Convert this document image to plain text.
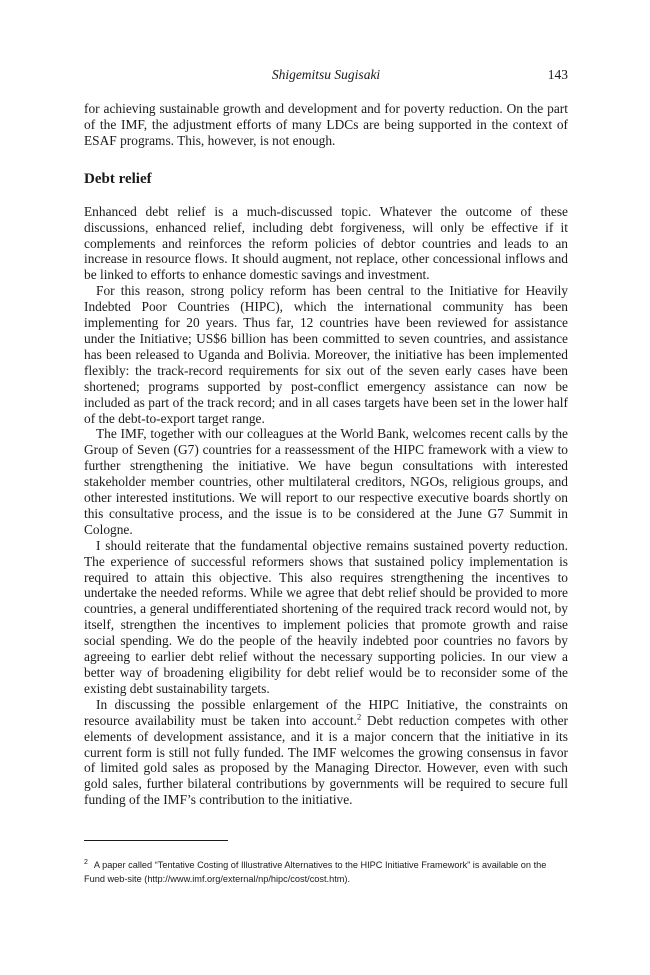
Shigemitsu Sugisaki	143

for achieving sustainable growth and development and for poverty reduction. On the part of the IMF, the adjustment efforts of many LDCs are being supported in the context of ESAF programs. This, however, is not enough.

Debt relief

Enhanced debt relief is a much-discussed topic. Whatever the outcome of these discussions, enhanced relief, including debt forgiveness, will only be effective if it complements and reinforces the reform policies of debtor countries and leads to an increase in resource flows. It should augment, not replace, other concessional inflows and be linked to efforts to enhance domestic savings and investment.

For this reason, strong policy reform has been central to the Initiative for Heavily Indebted Poor Countries (HIPC), which the international community has been implementing for 20 years. Thus far, 12 countries have been reviewed for assistance under the Initiative; US$6 billion has been committed to seven countries, and assistance has been released to Uganda and Bolivia. Moreover, the initiative has been implemented flexibly: the track-record requirements for six out of the seven early cases have been shortened; programs supported by post-conflict emergency assistance can now be included as part of the track record; and in all cases targets have been set in the lower half of the debt-to-export target range.

The IMF, together with our colleagues at the World Bank, welcomes recent calls by the Group of Seven (G7) countries for a reassessment of the HIPC framework with a view to further strengthening the initiative. We have begun consultations with interested stakeholder member countries, other multilateral creditors, NGOs, religious groups, and other interested institutions. We will report to our respective executive boards shortly on this consultative process, and the issue is to be considered at the June G7 Summit in Cologne.

I should reiterate that the fundamental objective remains sustained poverty reduction. The experience of successful reformers shows that sustained policy implementation is required to attain this objective. This also requires strengthening the incentives to undertake the needed reforms. While we agree that debt relief should be provided to more countries, a general undifferentiated shortening of the required track record would not, by itself, strengthen the incentives to implement policies that promote growth and raise social spending. We do the people of the heavily indebted poor countries no favors by agreeing to earlier debt relief without the necessary supporting policies. In our view a better way of broadening eligibility for debt relief would be to reconsider some of the existing debt sustainability targets.

In discussing the possible enlargement of the HIPC Initiative, the constraints on resource availability must be taken into account.$^2$ Debt reduction competes with other elements of development assistance, and it is a major concern that the initiative in its current form is still not fully funded. The IMF welcomes the growing consensus in favor of limited gold sales as proposed by the Managing Director. However, even with such gold sales, further bilateral contributions by governments will be required to secure full funding of the IMF’s contribution to the initiative.

$^2$ A paper called “Tentative Costing of Illustrative Alternatives to the HIPC Initiative Framework” is available on the Fund web-site (http://www.imf.org/external/np/hipc/cost/cost.htm).
